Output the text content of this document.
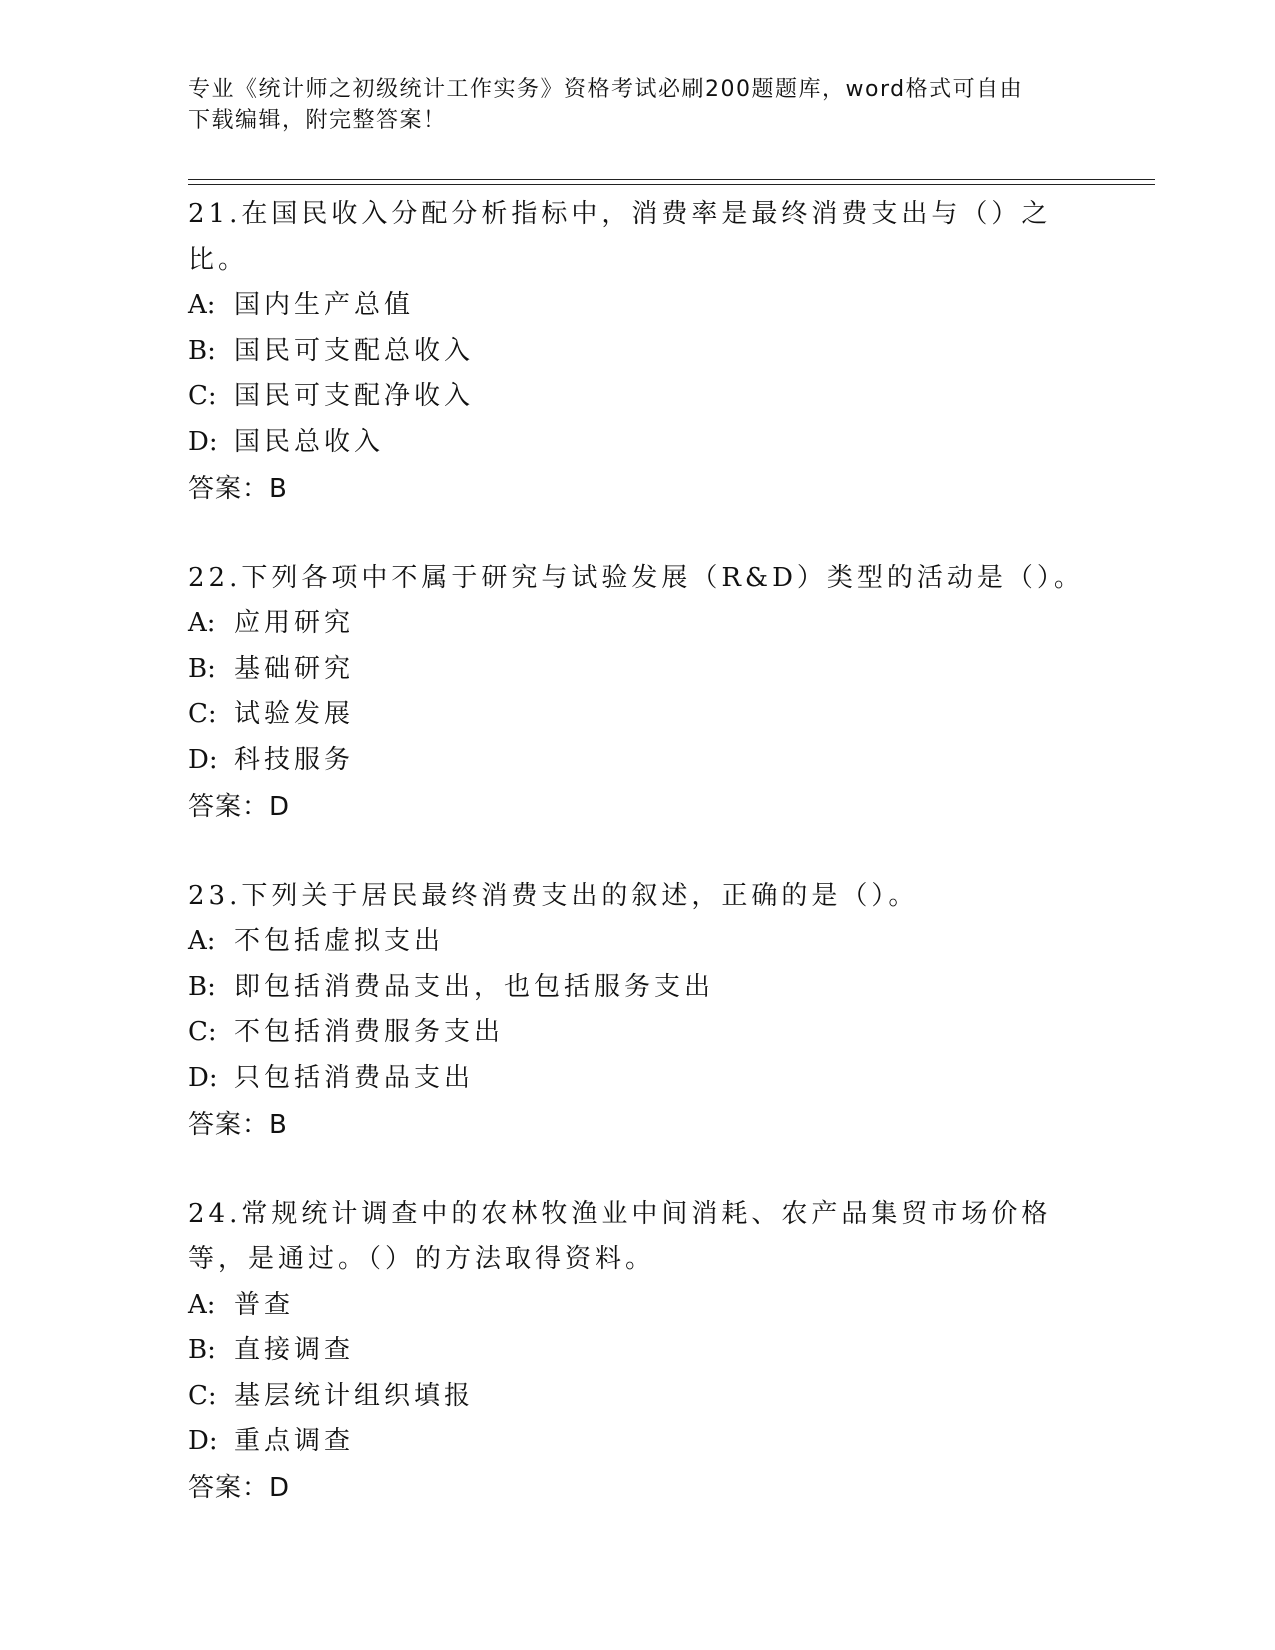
专业《统计师之初级统计工作实务》资格考试必刷200题题库，word格式可自由
下载编辑，附完整答案！
21.在国民收入分配分析指标中，消费率是最终消费支出与（）之比。
A: 国内生产总值
B: 国民可支配总收入
C: 国民可支配净收入
D: 国民总收入
答案：B
22.下列各项中不属于研究与试验发展（R&D）类型的活动是（）。
A: 应用研究
B: 基础研究
C: 试验发展
D: 科技服务
答案：D
23.下列关于居民最终消费支出的叙述，正确的是（）。
A: 不包括虚拟支出
B: 即包括消费品支出，也包括服务支出
C: 不包括消费服务支出
D: 只包括消费品支出
答案：B
24.常规统计调查中的农林牧渔业中间消耗、农产品集贸市场价格等，是通过。（）的方法取得资料。
A: 普查
B: 直接调查
C: 基层统计组织填报
D: 重点调查
答案：D
